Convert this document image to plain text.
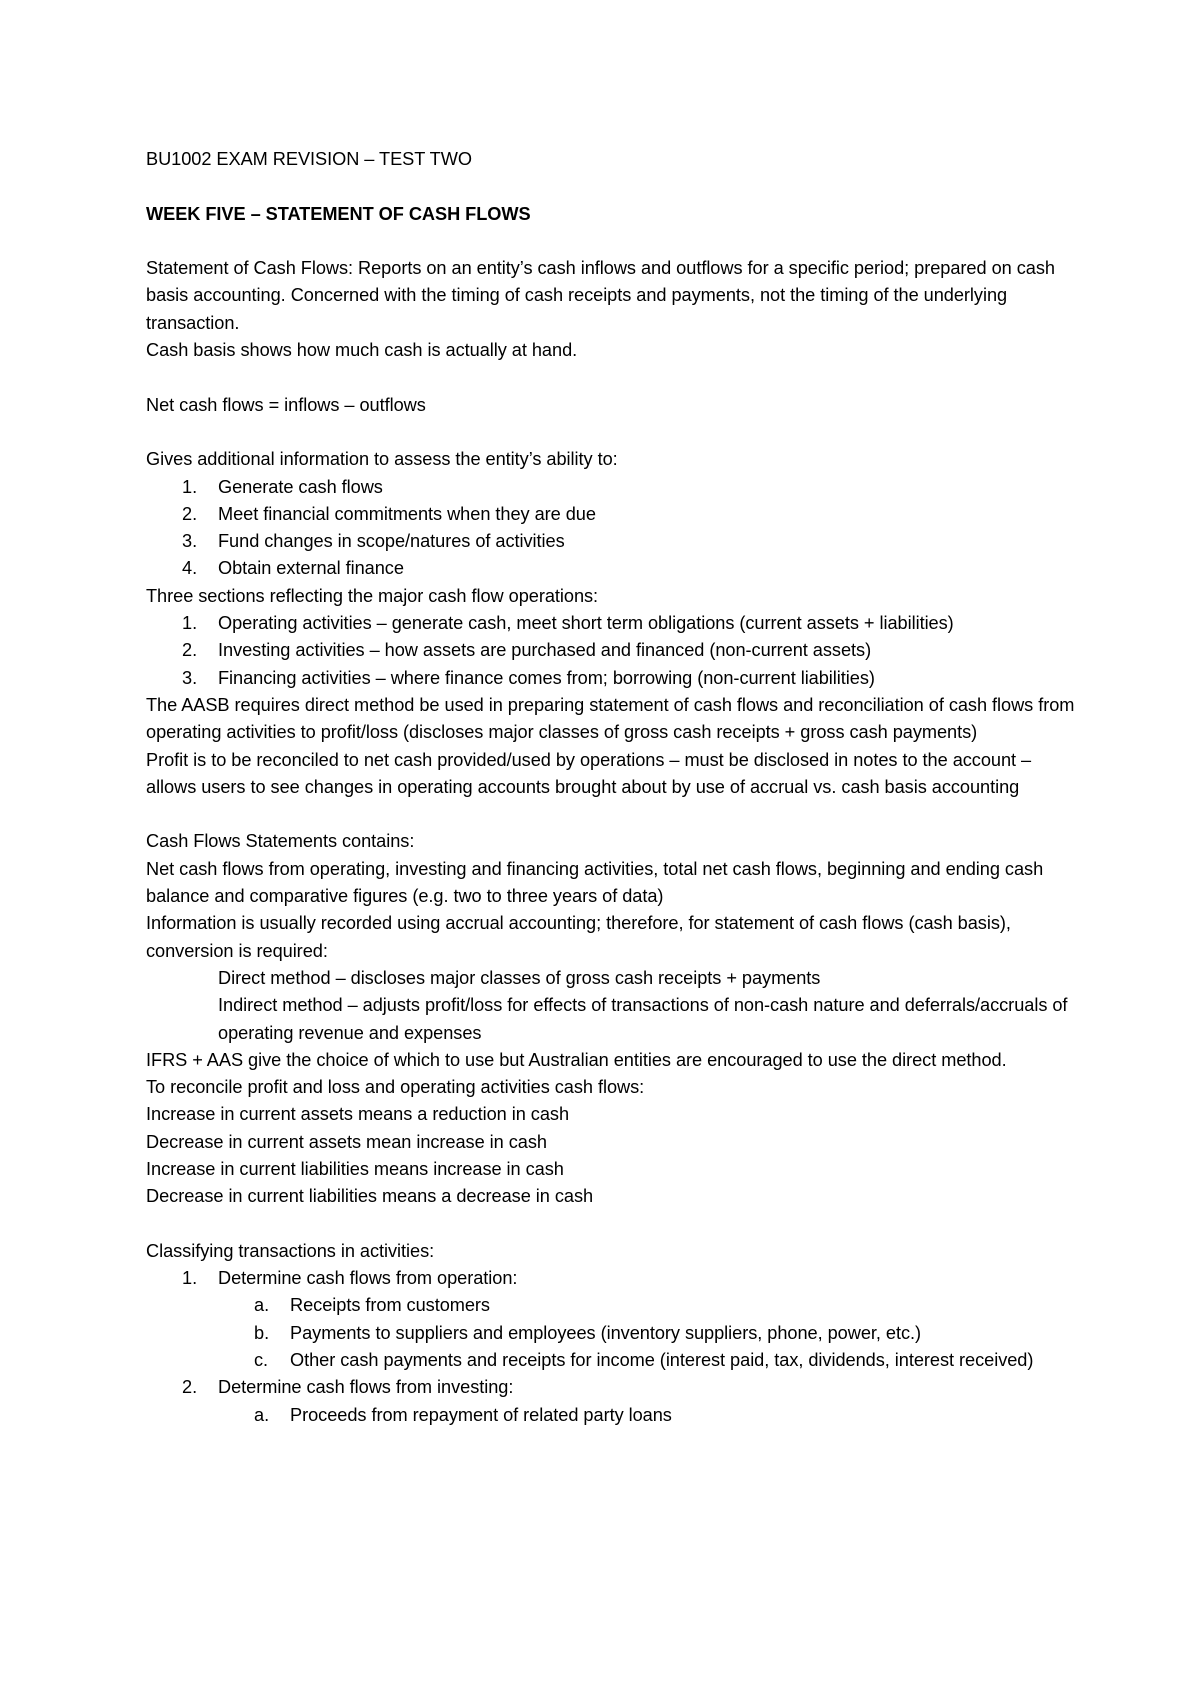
BU1002 EXAM REVISION – TEST TWO

WEEK FIVE – STATEMENT OF CASH FLOWS

Statement of Cash Flows: Reports on an entity’s cash inflows and outflows for a specific period; prepared on cash basis accounting. Concerned with the timing of cash receipts and payments, not the timing of the underlying transaction.

Cash basis shows how much cash is actually at hand.

Net cash flows = inflows – outflows

Gives additional information to assess the entity’s ability to:

1.	Generate cash flows
2.	Meet financial commitments when they are due
3.	Fund changes in scope/natures of activities
4.	Obtain external finance

Three sections reflecting the major cash flow operations:

1.	Operating activities – generate cash, meet short term obligations (current assets + liabilities)
2.	Investing activities – how assets are purchased and financed (non-current assets)
3.	Financing activities – where finance comes from; borrowing (non-current liabilities)

The AASB requires direct method be used in preparing statement of cash flows and reconciliation of cash flows from operating activities to profit/loss (discloses major classes of gross cash receipts + gross cash payments)

Profit is to be reconciled to net cash provided/used by operations – must be disclosed in notes to the account – allows users to see changes in operating accounts brought about by use of accrual vs. cash basis accounting

Cash Flows Statements contains:

Net cash flows from operating, investing and financing activities, total net cash flows, beginning and ending cash balance and comparative figures (e.g. two to three years of data)

Information is usually recorded using accrual accounting; therefore, for statement of cash flows (cash basis), conversion is required:

Direct method – discloses major classes of gross cash receipts + payments

Indirect method – adjusts profit/loss for effects of transactions of non-cash nature and deferrals/accruals of operating revenue and expenses

IFRS + AAS give the choice of which to use but Australian entities are encouraged to use the direct method.

To reconcile profit and loss and operating activities cash flows:

Increase in current assets means a reduction in cash

Decrease in current assets mean increase in cash

Increase in current liabilities means increase in cash

Decrease in current liabilities means a decrease in cash

Classifying transactions in activities:

1.	Determine cash flows from operation:
a.	Receipts from customers
b.	Payments to suppliers and employees (inventory suppliers, phone, power, etc.)
c.	Other cash payments and receipts for income (interest paid, tax, dividends, interest received)
2.	Determine cash flows from investing:
a.	Proceeds from repayment of related party loans
